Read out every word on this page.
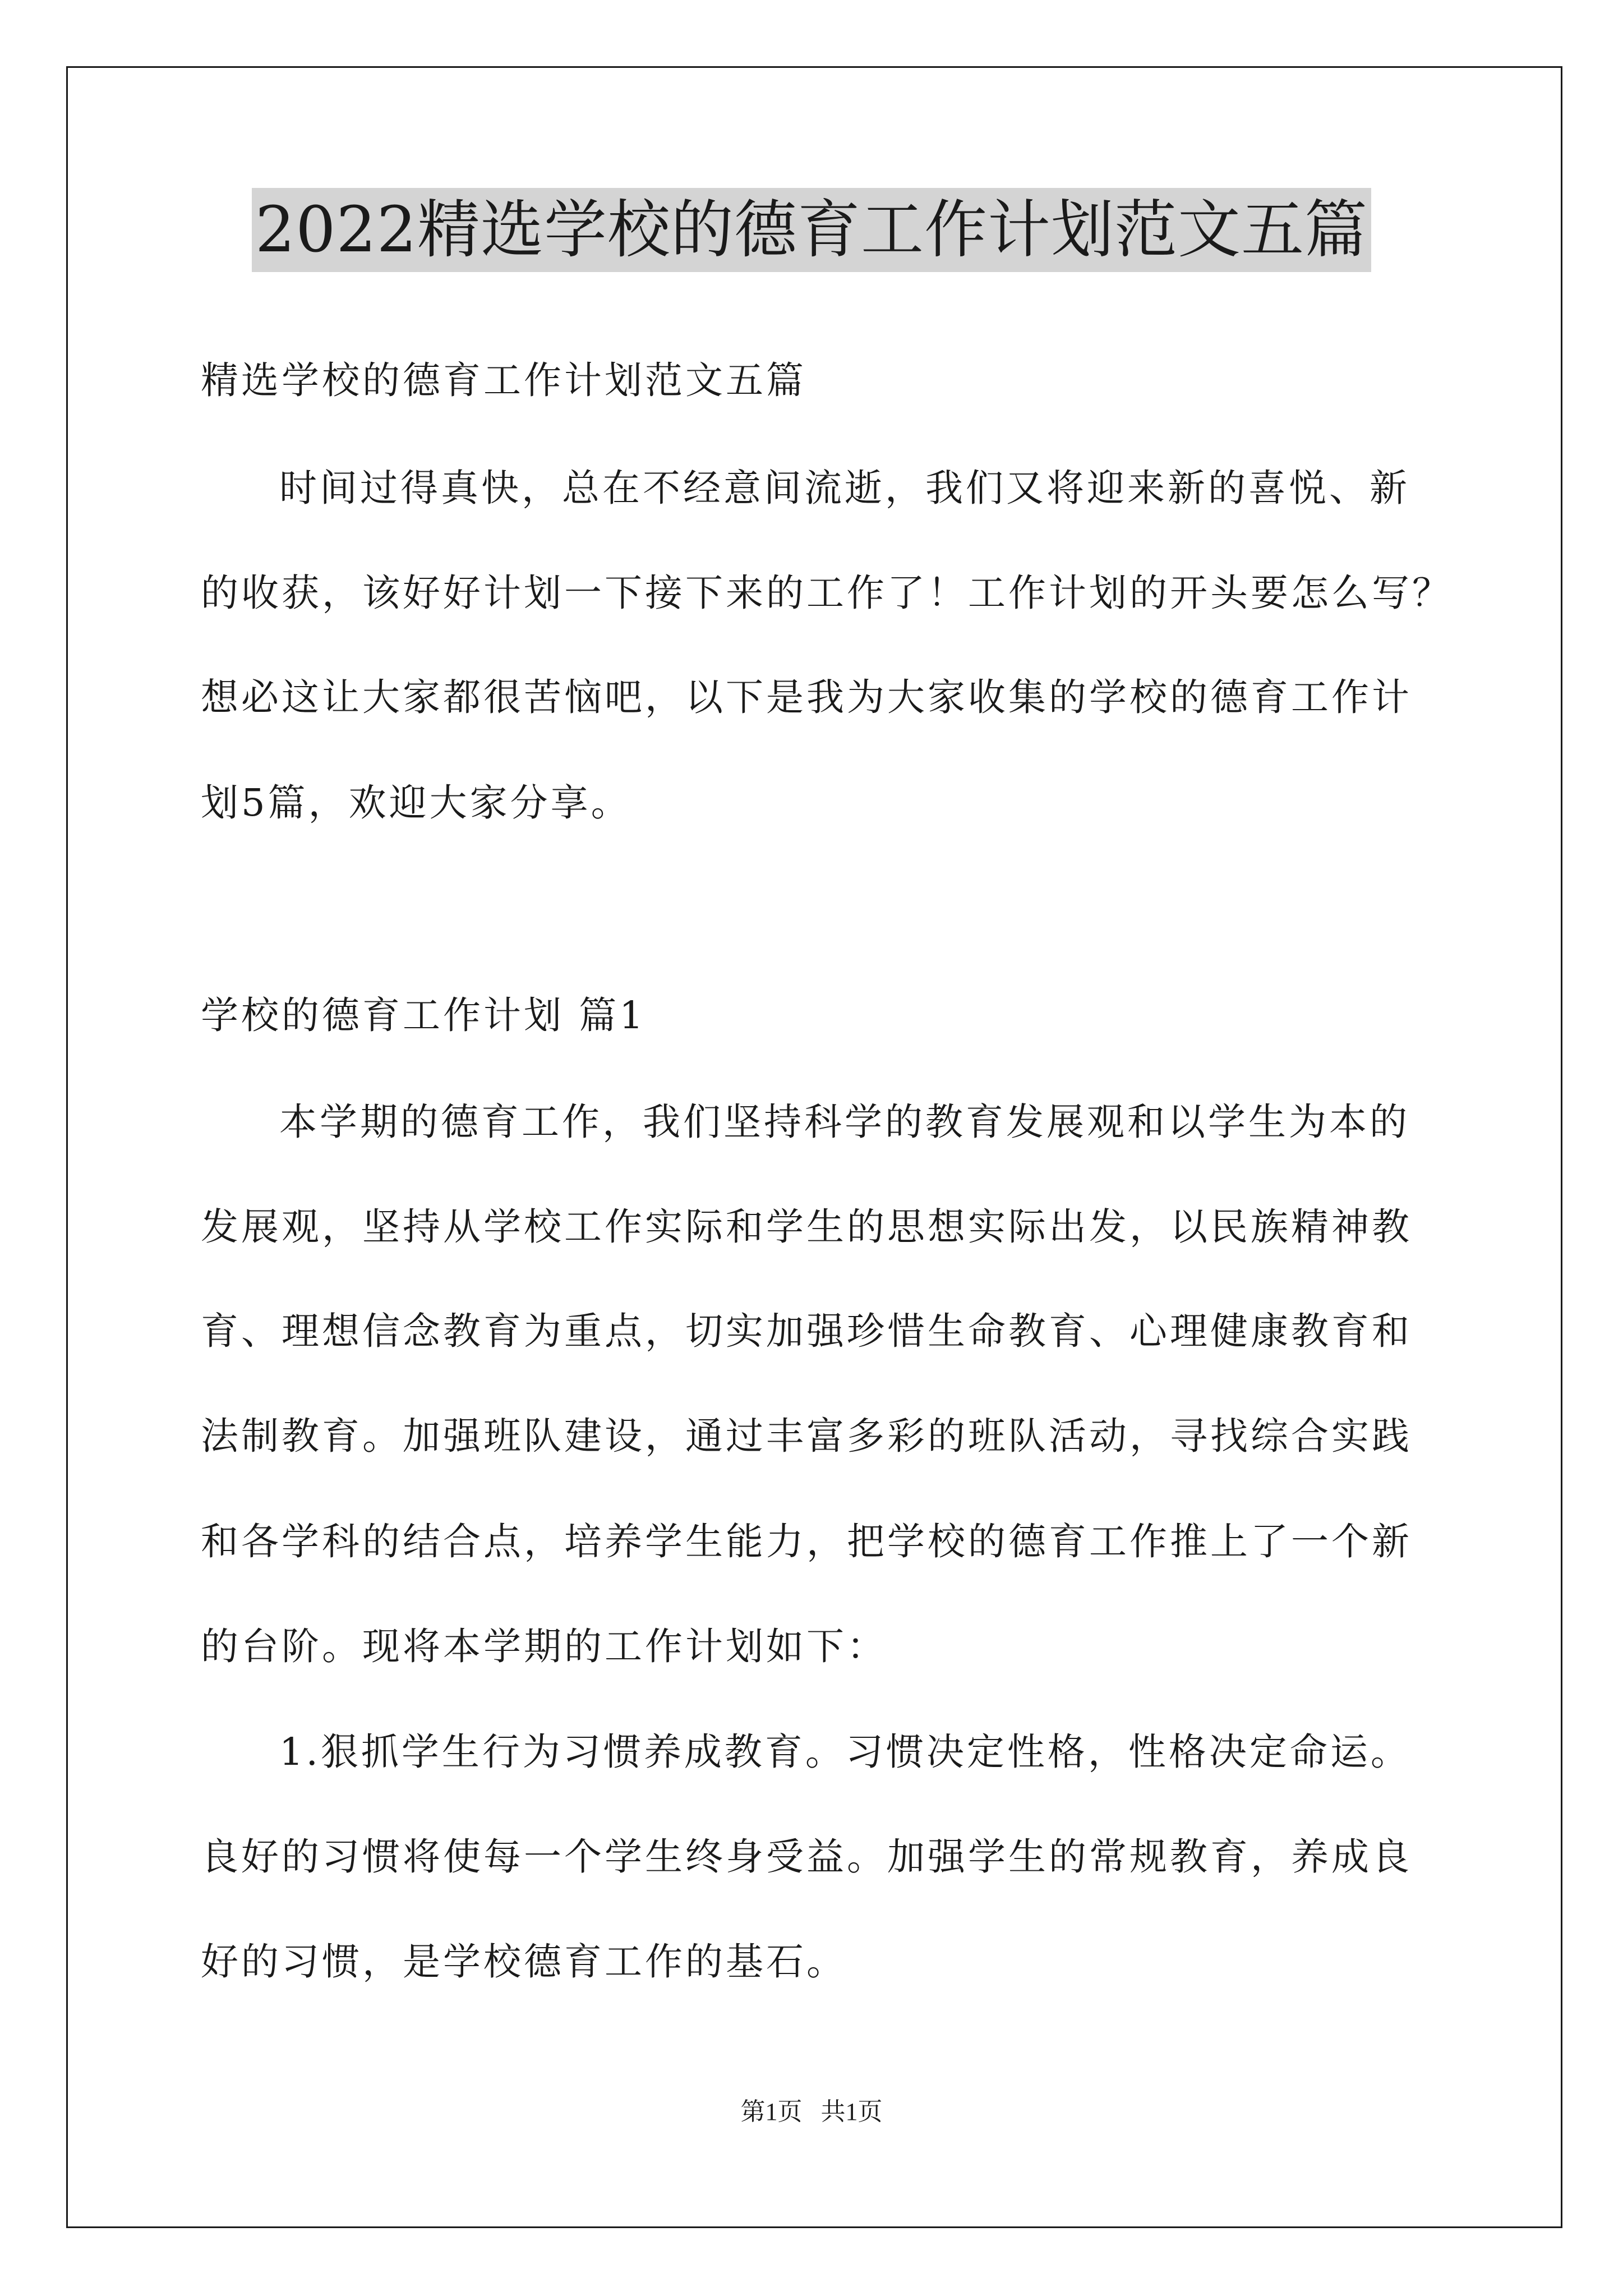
2022精选学校的德育工作计划范文五篇
精选学校的德育工作计划范文五篇
时间过得真快，总在不经意间流逝，我们又将迎来新的喜悦、新
的收获，该好好计划一下接下来的工作了！工作计划的开头要怎么写？
想必这让大家都很苦恼吧，以下是我为大家收集的学校的德育工作计
划5篇，欢迎大家分享。
学校的德育工作计划 篇1
本学期的德育工作，我们坚持科学的教育发展观和以学生为本的
发展观，坚持从学校工作实际和学生的思想实际出发，以民族精神教
育、理想信念教育为重点，切实加强珍惜生命教育、心理健康教育和
法制教育。加强班队建设，通过丰富多彩的班队活动，寻找综合实践
和各学科的结合点，培养学生能力，把学校的德育工作推上了一个新
的台阶。现将本学期的工作计划如下：
1.狠抓学生行为习惯养成教育。习惯决定性格，性格决定命运。
良好的习惯将使每一个学生终身受益。加强学生的常规教育，养成良
好的习惯，是学校德育工作的基石。
第1页   共1页
